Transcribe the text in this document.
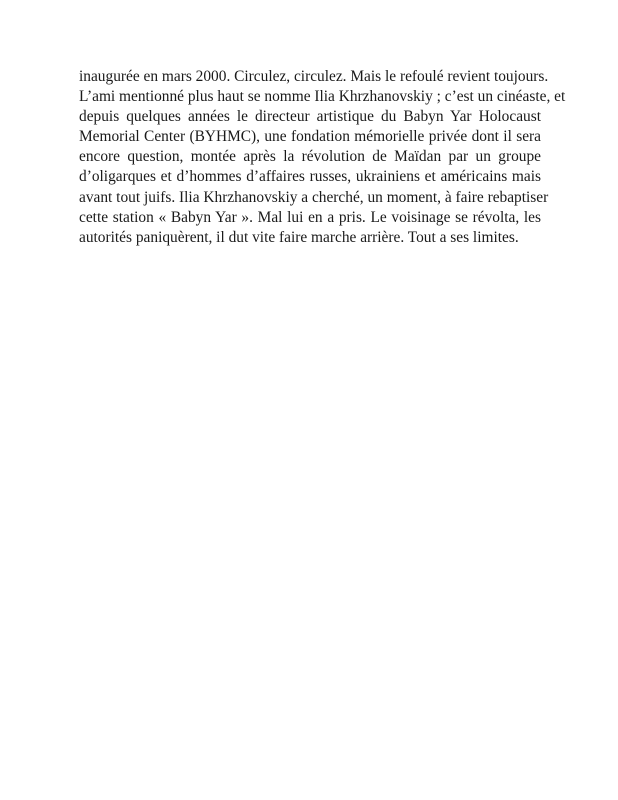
inaugurée en mars 2000. Circulez, circulez. Mais le refoulé revient toujours.
L’ami mentionné plus haut se nomme Ilia Khrzhanovskiy ; c’est un cinéaste, et
depuis quelques années le directeur artistique du Babyn Yar Holocaust
Memorial Center (BYHMC), une fondation mémorielle privée dont il sera
encore question, montée après la révolution de Maïdan par un groupe
d’oligarques et d’hommes d’affaires russes, ukrainiens et américains mais
avant tout juifs. Ilia Khrzhanovskiy a cherché, un moment, à faire rebaptiser
cette station « Babyn Yar ». Mal lui en a pris. Le voisinage se révolta, les
autorités paniquèrent, il dut vite faire marche arrière. Tout a ses limites.
